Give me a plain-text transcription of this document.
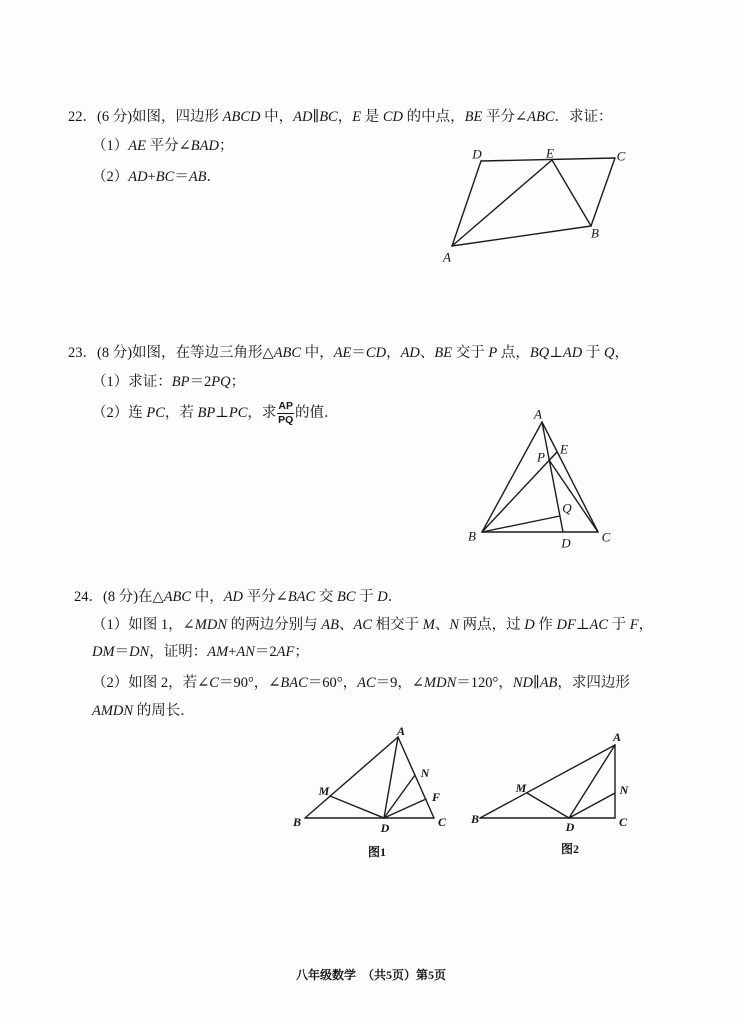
22．(6 分)如图，四边形 ABCD 中，AD∥BC，E 是 CD 的中点，BE 平分∠ABC．求证：
（1）AE 平分∠BAD；
（2）AD+BC＝AB．
23．(8 分)如图，在等边三角形△ABC 中，AE＝CD，AD、BE 交于 P 点，BQ⊥AD 于 Q，
（1）求证：BP＝2PQ；
（2）连 PC，若 BP⊥PC，求 $\frac{AP}{PQ}$ 的值．
24．(8 分)在△ABC 中，AD 平分∠BAC 交 BC 于 D．
（1）如图 1，∠MDN 的两边分别与 AB、AC 相交于 M、N 两点，过 D 作 DF⊥AC 于 F，
DM＝DN，证明：AM+AN＝2AF；
（2）如图 2，若∠C＝90°，∠BAC＝60°，AC＝9，∠MDN＝120°，ND∥AB，求四边形
AMDN 的周长．
D	E	C
B
A
A
E
P
Q
B	D C
A
M
N
F
B	D	C
图1
A
M	N
B
D	C
图2
八年级数学  （共5页）第5页
